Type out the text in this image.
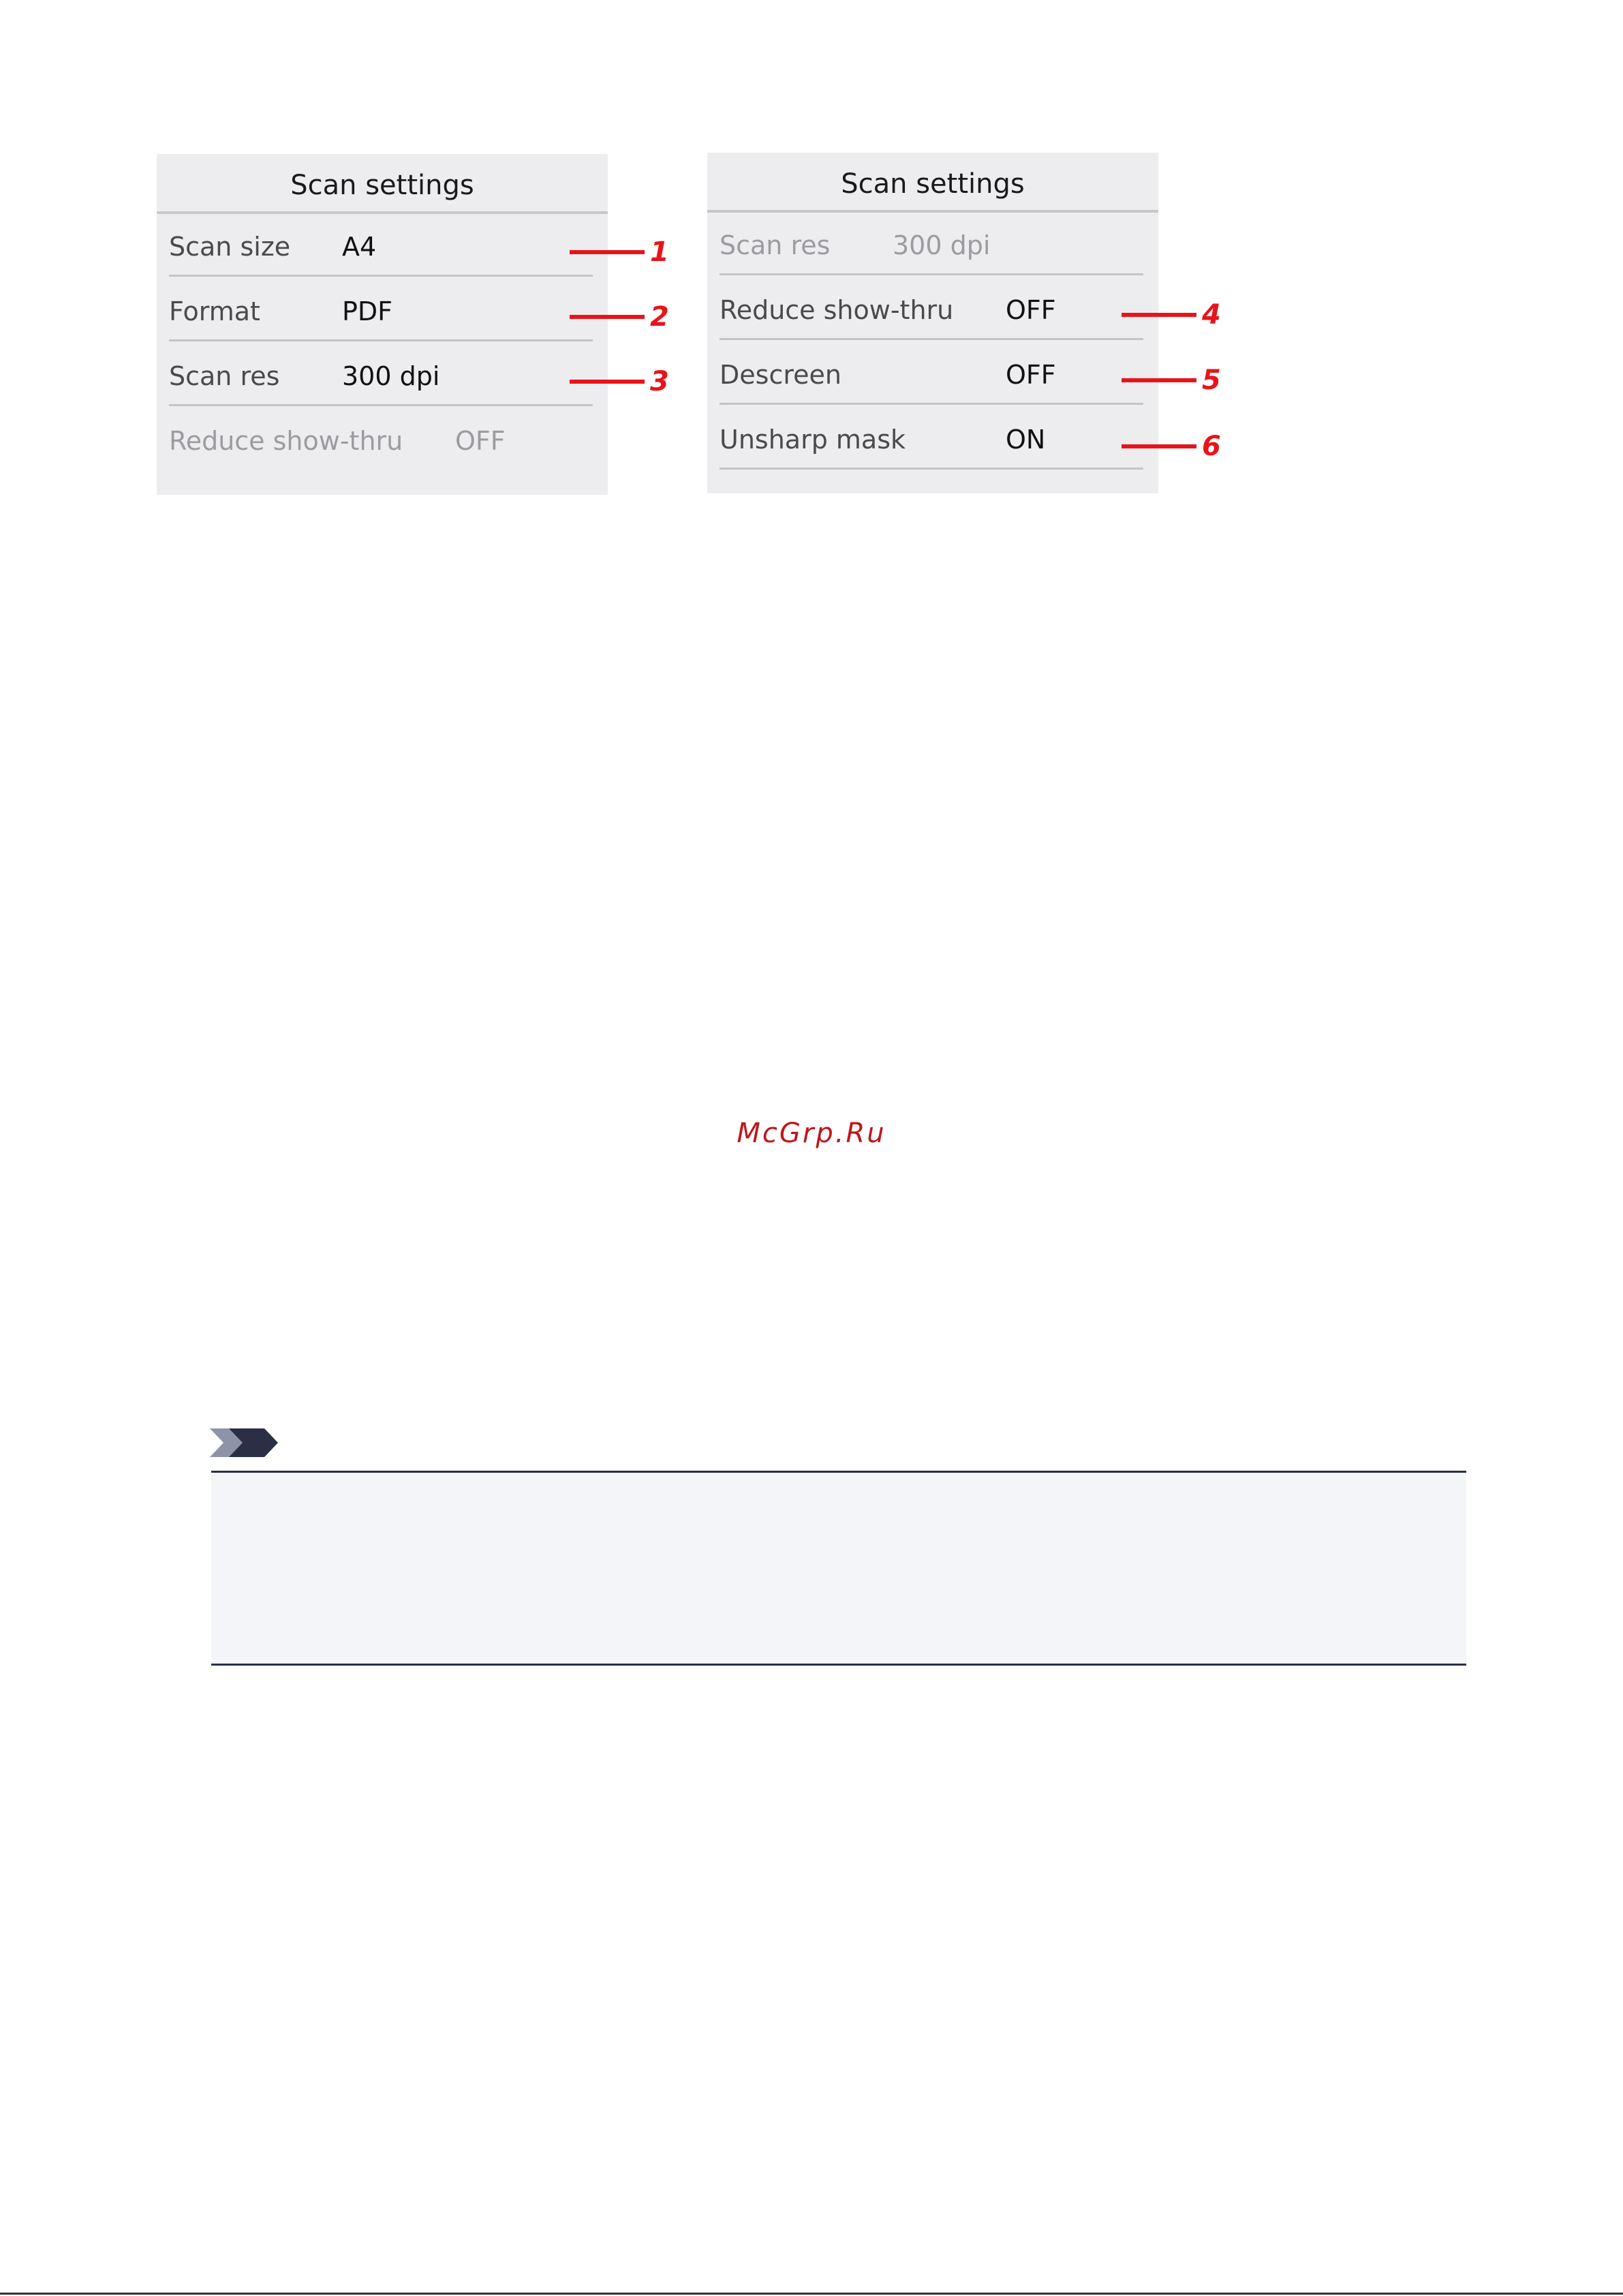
Scan settings
Scan size A4
Format	PDF
Scan res 300 dpi
Reduce show-thru OFF
Scan settings
Scan res 300 dpi
Reduce show-thru OFF
Descreen	OFF
Unsharp mask	ON
1
2
3
4
5
6
McGrp.Ru
